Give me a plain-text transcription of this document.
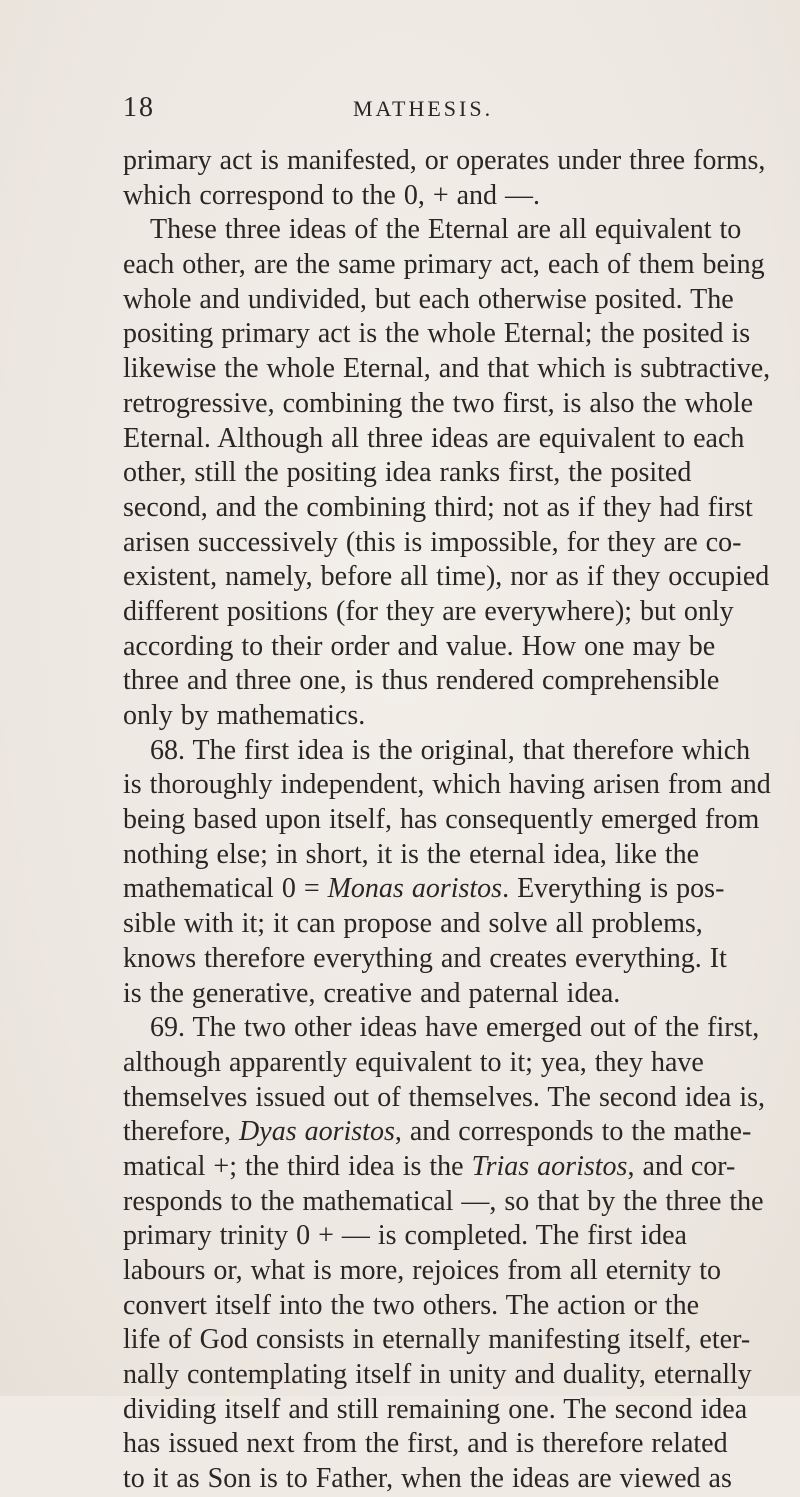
18	MATHESIS.
primary act is manifested, or operates under three forms,
which correspond to the 0, + and —.
These three ideas of the Eternal are all equivalent to
each other, are the same primary act, each of them being
whole and undivided, but each otherwise posited. The
positing primary act is the whole Eternal; the posited is
likewise the whole Eternal, and that which is subtractive,
retrogressive, combining the two first, is also the whole
Eternal. Although all three ideas are equivalent to each
other, still the positing idea ranks first, the posited
second, and the combining third; not as if they had first
arisen successively (this is impossible, for they are co-
existent, namely, before all time), nor as if they occupied
different positions (for they are everywhere); but only
according to their order and value. How one may be
three and three one, is thus rendered comprehensible
only by mathematics.
68. The first idea is the original, that therefore which
is thoroughly independent, which having arisen from and
being based upon itself, has consequently emerged from
nothing else; in short, it is the eternal idea, like the
mathematical 0 = Monas aoristos. Everything is pos-
sible with it; it can propose and solve all problems,
knows therefore everything and creates everything. It
is the generative, creative and paternal idea.
69. The two other ideas have emerged out of the first,
although apparently equivalent to it; yea, they have
themselves issued out of themselves. The second idea is,
therefore, Dyas aoristos, and corresponds to the mathe-
matical +; the third idea is the Trias aoristos, and cor-
responds to the mathematical —, so that by the three the
primary trinity 0 + — is completed. The first idea
labours or, what is more, rejoices from all eternity to
convert itself into the two others. The action or the
life of God consists in eternally manifesting itself, eter-
nally contemplating itself in unity and duality, eternally
dividing itself and still remaining one. The second idea
has issued next from the first, and is therefore related
to it as Son is to Father, when the ideas are viewed as
